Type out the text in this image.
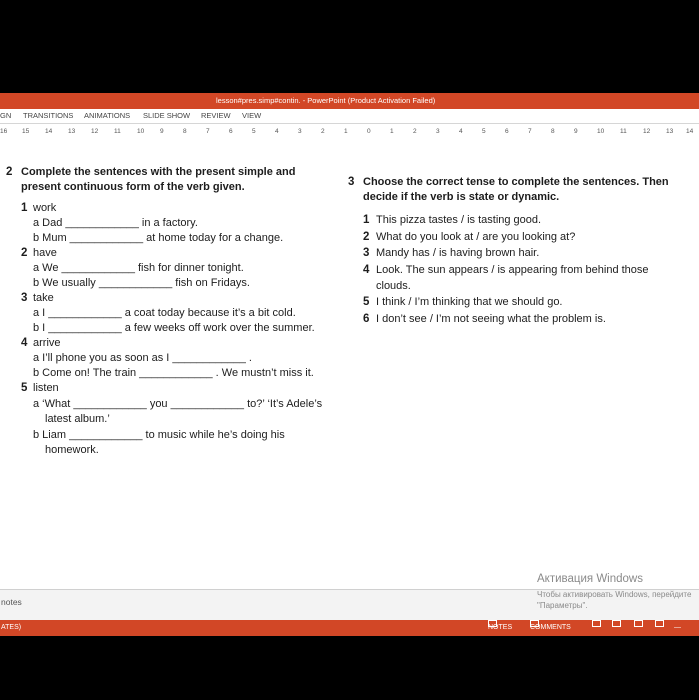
lesson#pres.simp#contin. - PowerPoint (Product Activation Failed)
GN TRANSITIONS ANIMATIONS SLIDE SHOW REVIEW VIEW
16 15 14 13 12 11	10 9	8	7	6	5	4	3	2	1	0	1	2	3	4	5	6	7	8	9	10 11	12 13 14
2 Complete the sentences with the present simple and
present continuous form of the verb given.
1 work
a Dad ____________ in a factory.
b Mum ____________ at home today for a change.
2 have
a We ____________ fish for dinner tonight.
b We usually ____________ fish on Fridays.
3 take
a I ____________ a coat today because it’s a bit cold.
b I ____________ a few weeks off work over the summer.
4 arrive
a I’ll phone you as soon as I ____________ .
b Come on! The train ____________ . We mustn’t miss it.
5 listen
a ‘What ____________ you ____________ to?’ ‘It’s Adele’s
latest album.’
b Liam ____________ to music while he’s doing his
homework.
3 Choose the correct tense to complete the sentences. Then
decide if the verb is state or dynamic.
1 This pizza tastes / is tasting good.
2 What do you look at / are you looking at?
3 Mandy has / is having brown hair.
4 Look. The sun appears / is appearing from behind those
clouds.
5 I think / I’m thinking that we should go.
6 I don’t see / I’m not seeing what the problem is.
notes
Активация Windows
Чтобы активировать Windows, перейдите
"Параметры".
ATES)	NOTES	COMMENTS	—
